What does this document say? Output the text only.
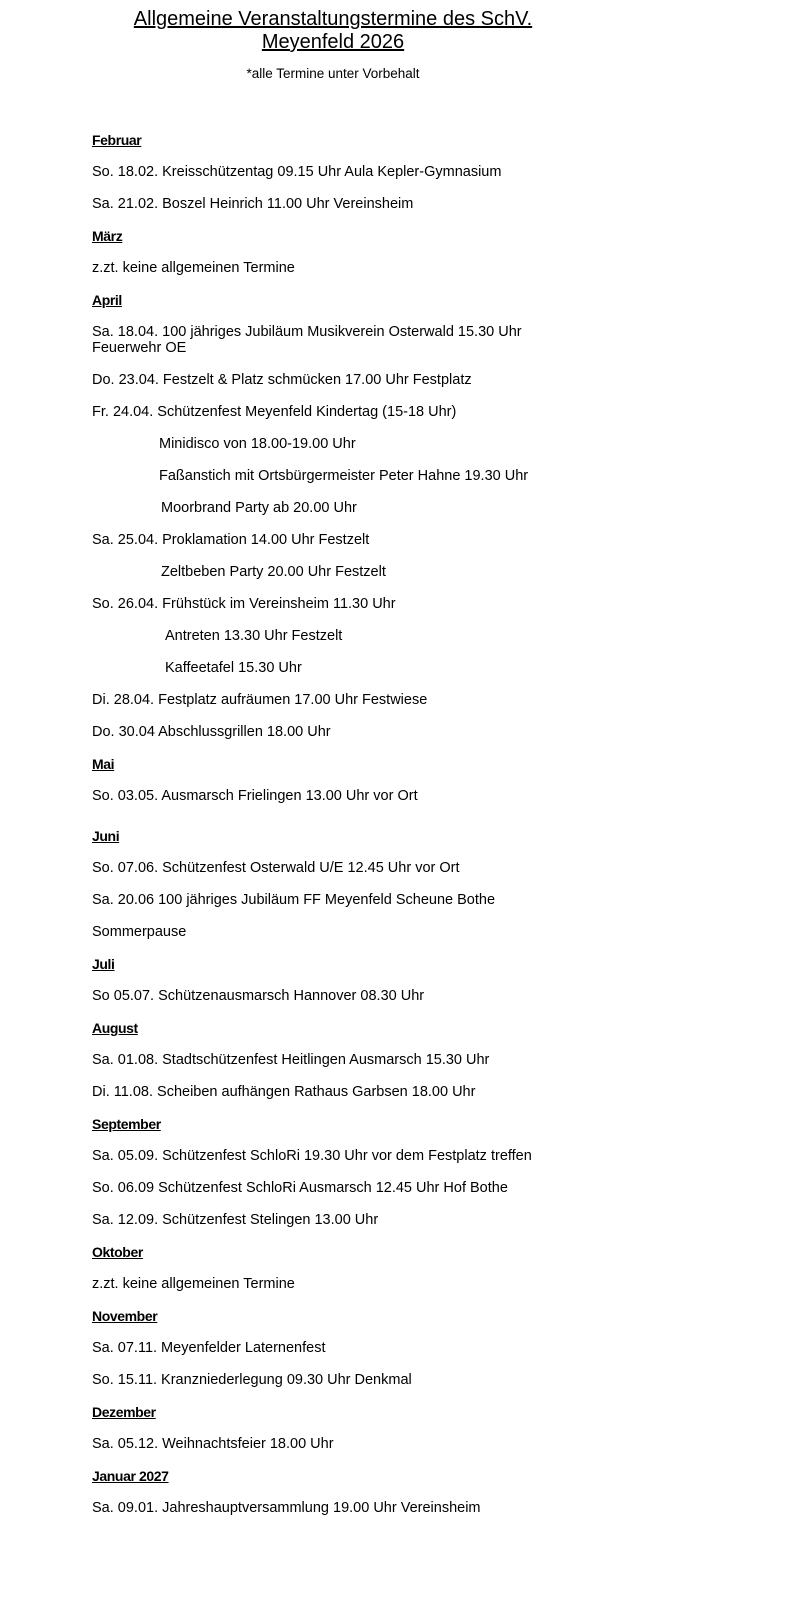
Allgemeine Veranstaltungstermine des SchV.
Meyenfeld 2026
*alle Termine unter Vorbehalt
Februar
So. 18.02. Kreisschützentag 09.15 Uhr Aula Kepler-Gymnasium
Sa. 21.02. Boszel Heinrich 11.00 Uhr Vereinsheim
März
z.zt. keine allgemeinen Termine
April
Sa. 18.04. 100 jähriges Jubiläum Musikverein Osterwald 15.30 Uhr Feuerwehr OE
Do. 23.04. Festzelt & Platz schmücken 17.00 Uhr Festplatz
Fr. 24.04. Schützenfest Meyenfeld Kindertag (15-18 Uhr)
Minidisco von 18.00-19.00 Uhr
Faßanstich mit Ortsbürgermeister Peter Hahne 19.30 Uhr
Moorbrand Party ab 20.00 Uhr
Sa. 25.04. Proklamation 14.00 Uhr Festzelt
Zeltbeben Party 20.00 Uhr Festzelt
So. 26.04. Frühstück im Vereinsheim 11.30 Uhr
Antreten 13.30 Uhr Festzelt
Kaffeetafel 15.30 Uhr
Di. 28.04. Festplatz aufräumen 17.00 Uhr Festwiese
Do. 30.04 Abschlussgrillen 18.00 Uhr
Mai
So. 03.05. Ausmarsch Frielingen 13.00 Uhr vor Ort
Juni
So. 07.06. Schützenfest Osterwald U/E 12.45 Uhr vor Ort
Sa. 20.06 100 jähriges Jubiläum FF Meyenfeld Scheune Bothe
Sommerpause
Juli
So 05.07. Schützenausmarsch Hannover 08.30 Uhr
August
Sa. 01.08. Stadtschützenfest Heitlingen Ausmarsch 15.30 Uhr
Di. 11.08. Scheiben aufhängen Rathaus Garbsen 18.00 Uhr
September
Sa. 05.09. Schützenfest SchloRi 19.30 Uhr vor dem Festplatz treffen
So. 06.09 Schützenfest SchloRi Ausmarsch 12.45 Uhr Hof Bothe
Sa. 12.09. Schützenfest Stelingen 13.00 Uhr
Oktober
z.zt. keine allgemeinen Termine
November
Sa. 07.11. Meyenfelder Laternenfest
So. 15.11. Kranzniederlegung 09.30 Uhr Denkmal
Dezember
Sa. 05.12. Weihnachtsfeier 18.00 Uhr
Januar 2027
Sa. 09.01. Jahreshauptversammlung 19.00 Uhr Vereinsheim
